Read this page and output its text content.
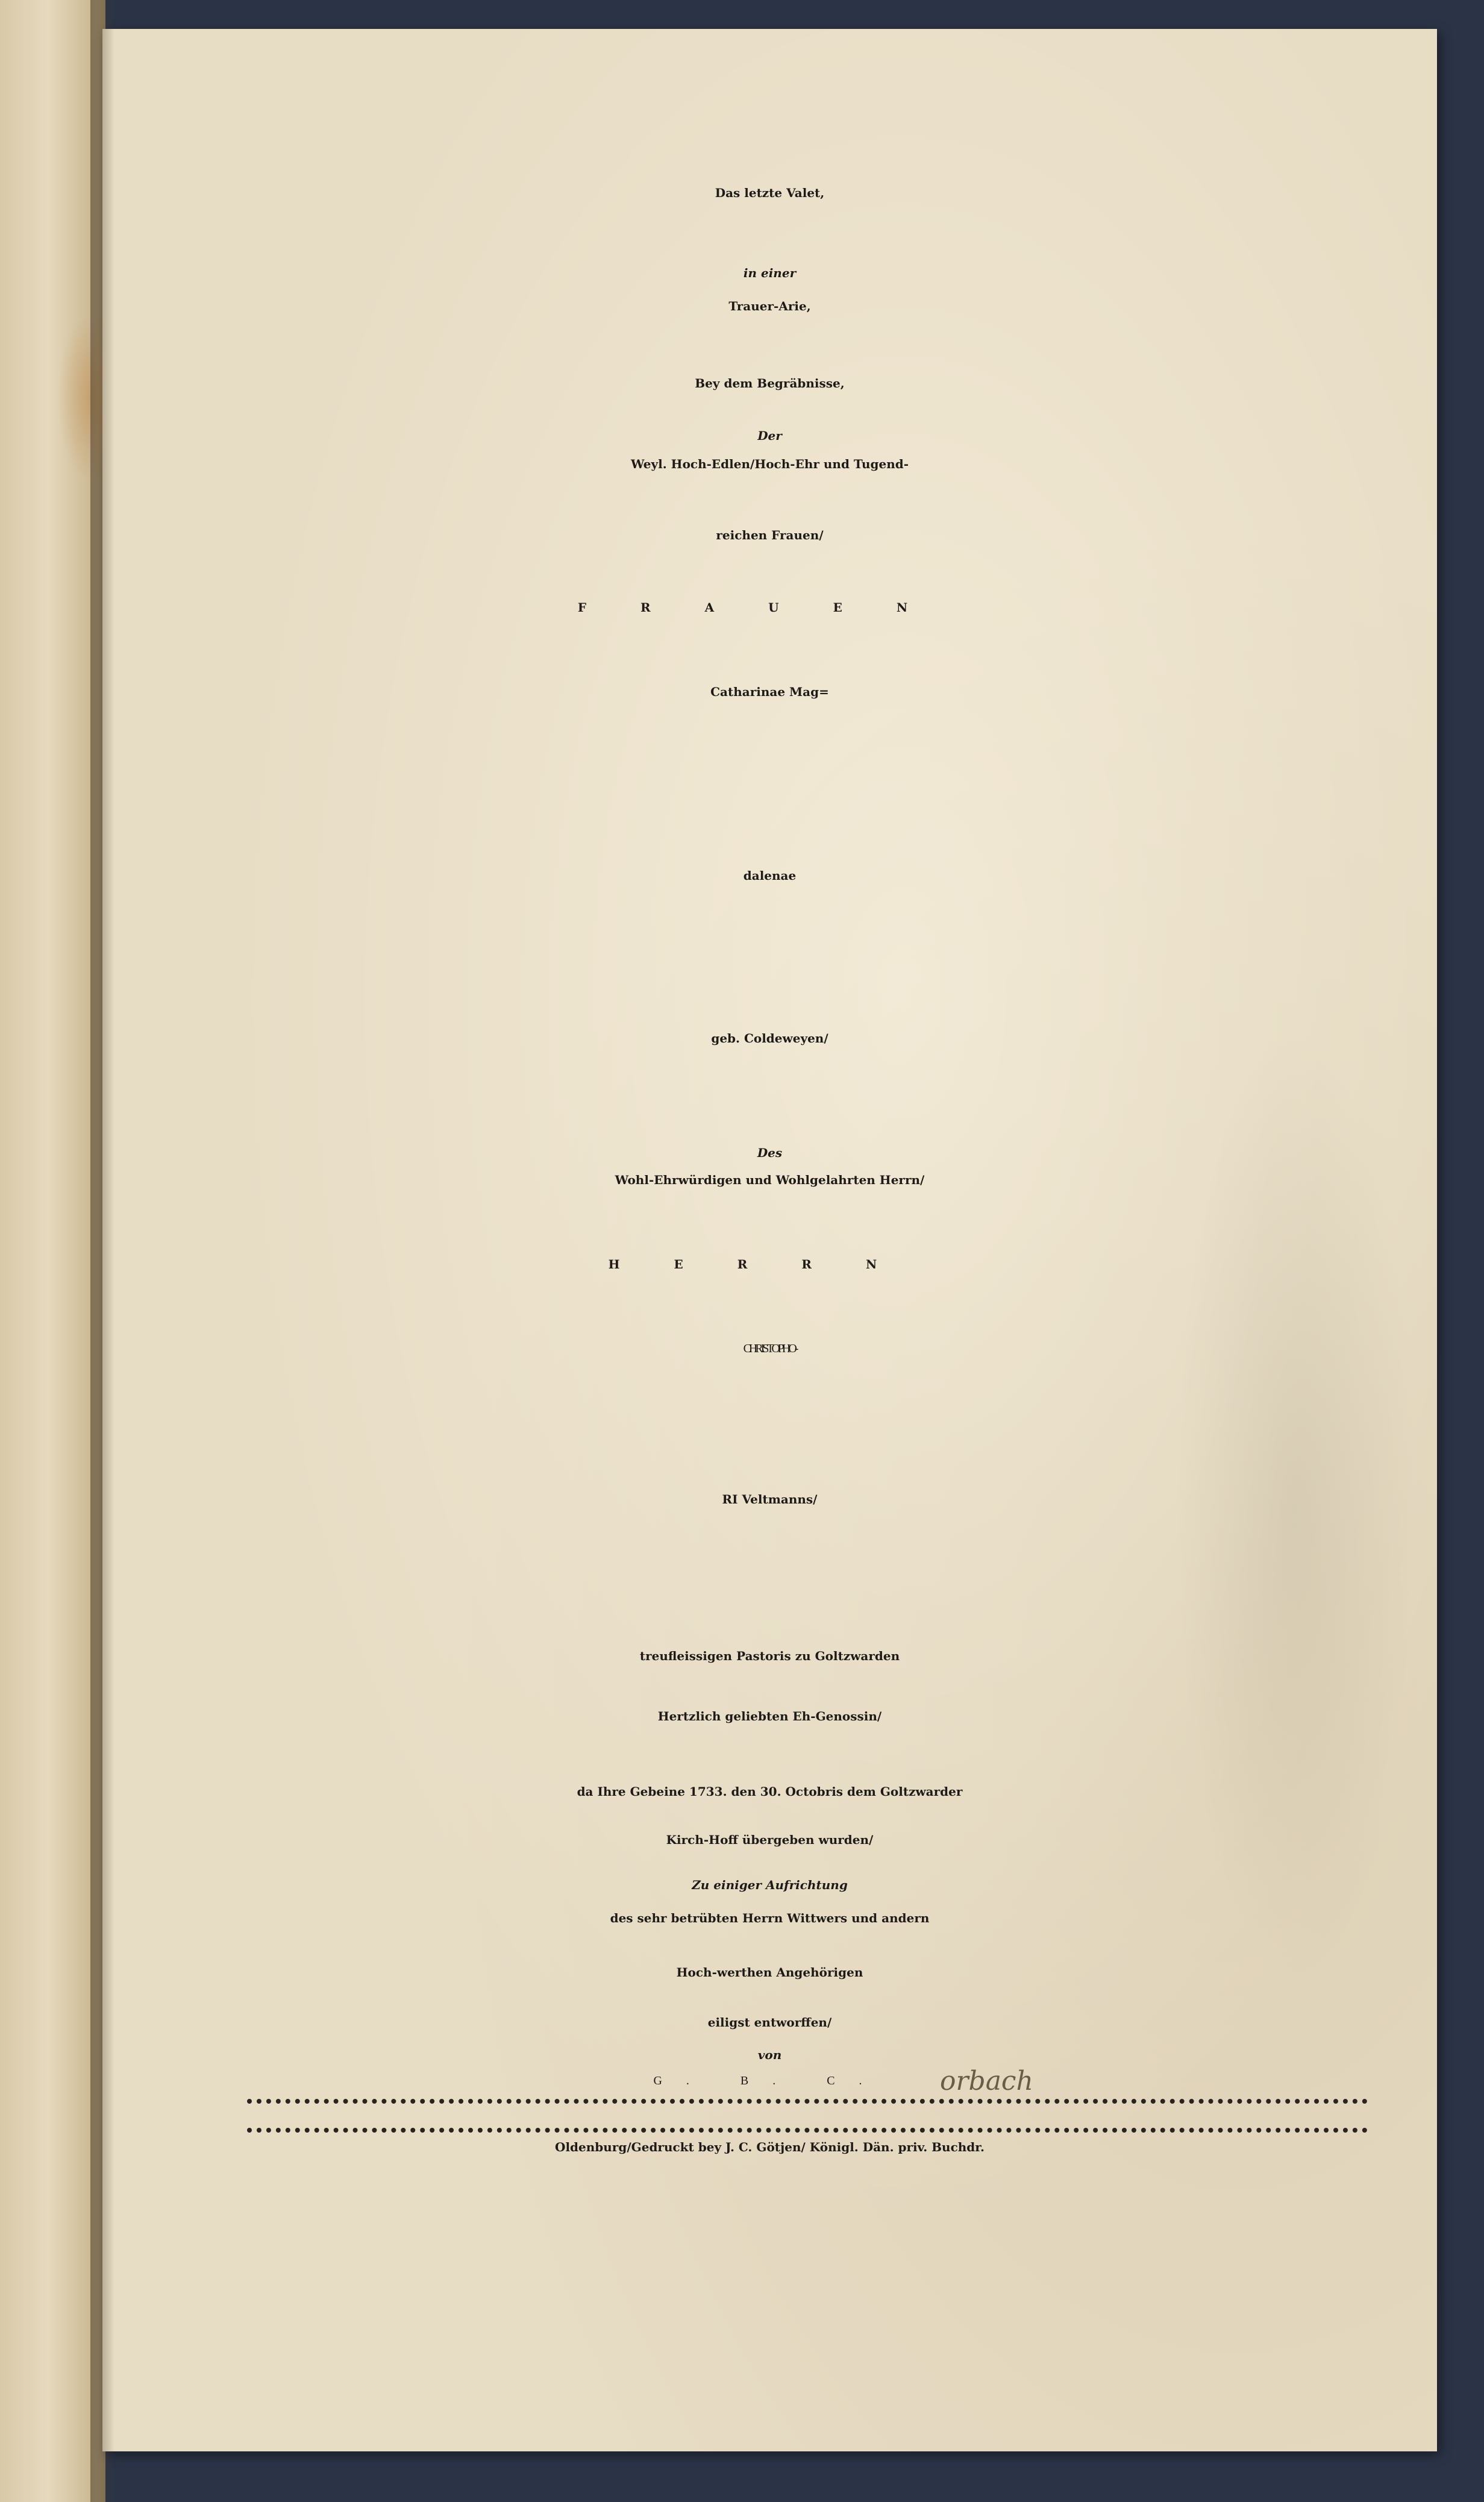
Das letzte Valet,
in einer
Trauer-Arie,
Bey dem Begräbnisse,
Der
Weyl. Hoch-Edlen/Hoch-Ehr und Tugend-
reichen Frauen/
FRAUEN
Catharinae Mag=
dalenae
geb. Coldeweyen/
Des
Wohl-Ehrwürdigen und Wohlgelahrten Herrn/
HERRN
CHRISTOPHO-
RI Veltmanns/
treufleissigen Pastoris zu Goltzwarden
Hertzlich geliebten Eh-Genossin/
da Ihre Gebeine 1733. den 30. Octobris dem Goltzwarder
Kirch-Hoff übergeben wurden/
Zu einiger Aufrichtung
des sehr betrübten Herrn Wittwers und andern
Hoch-werthen Angehörigen
eiligst entworffen/
von
G. B. C.	orbach
Oldenburg/Gedruckt bey J. C. Götjen/ Königl. Dän. priv. Buchdr.
